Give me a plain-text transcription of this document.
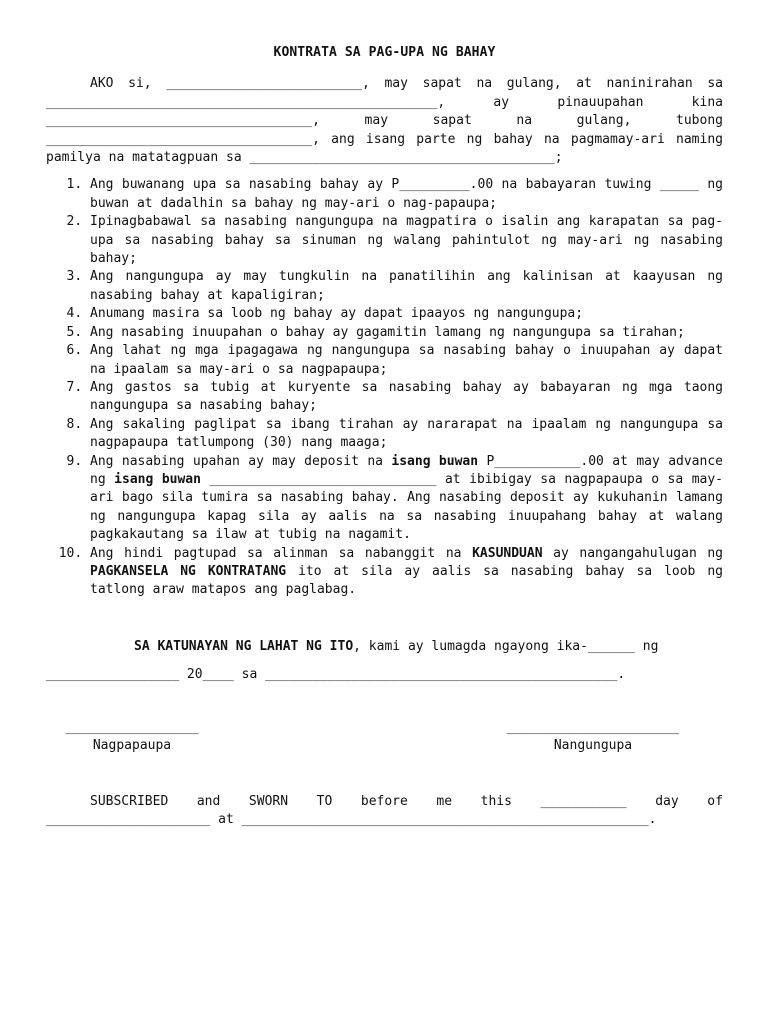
KONTRATA SA PAG-UPA NG BAHAY

AKO si, _________________________, may sapat na gulang, at naninirahan sa __________________________________________________, ay pinauupahan kina __________________________________, may sapat na gulang, tubong __________________________________, ang isang parte ng bahay na pagmamay-ari naming pamilya na matatagpuan sa _______________________________________;

1. Ang buwanang upa sa nasabing bahay ay P_________.00 na babayaran tuwing _____ ng buwan at dadalhin sa bahay ng may-ari o nag-papaupa;
2. Ipinagbabawal sa nasabing nangungupa na magpatira o isalin ang karapatan sa pag-upa sa nasabing bahay sa sinuman ng walang pahintulot ng may-ari ng nasabing bahay;
3. Ang nangungupa ay may tungkulin na panatilihin ang kalinisan at kaayusan ng nasabing bahay at kapaligiran;
4. Anumang masira sa loob ng bahay ay dapat ipaayos ng nangungupa;
5. Ang nasabing inuupahan o bahay ay gagamitin lamang ng nangungupa sa tirahan;
6. Ang lahat ng mga ipagagawa ng nangungupa sa nasabing bahay o inuupahan ay dapat na ipaalam sa may-ari o sa nagpapaupa;
7. Ang gastos sa tubig at kuryente sa nasabing bahay ay babayaran ng mga taong nangungupa sa nasabing bahay;
8. Ang sakaling paglipat sa ibang tirahan ay nararapat na ipaalam ng nangungupa sa nagpapaupa tatlumpong (30) nang maaga;
9. Ang nasabing upahan ay may deposit na isang buwan P___________.00 at may advance ng isang buwan _____________________________ at ibibigay sa nagpapaupa o sa may-ari bago sila tumira sa nasabing bahay. Ang nasabing deposit ay kukuhanin lamang ng nangungupa kapag sila ay aalis na sa nasabing inuupahang bahay at walang pagkakautang sa ilaw at tubig na nagamit.
10. Ang hindi pagtupad sa alinman sa nabanggit na KASUNDUAN ay nangangahulugan ng PAGKANSELA NG KONTRATANG ito at sila ay aalis sa nasabing bahay sa loob ng tatlong araw matapos ang paglabag.

SA KATUNAYAN NG LAHAT NG ITO, kami ay lumagda ngayong ika-______ ng

_________________ 20____ sa _____________________________________________.

_________________
Nagpapaupa
______________________
Nangungupa
SUBSCRIBED and SWORN TO before me this ___________ day of
_____________________ at ____________________________________________________.
